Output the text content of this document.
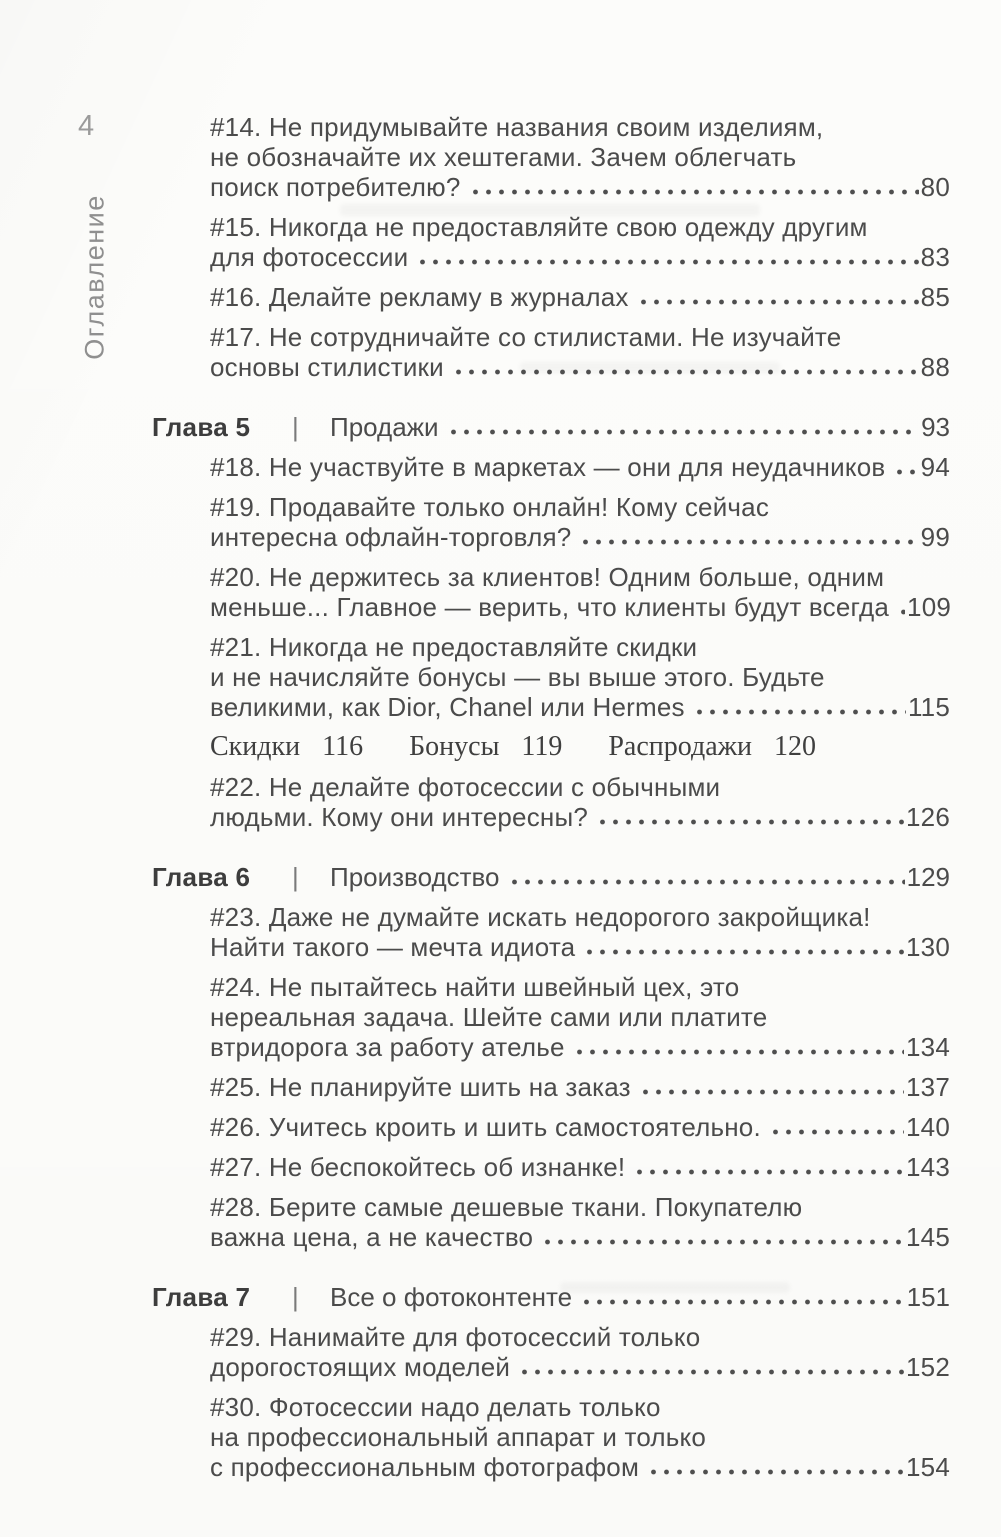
4
Оглавление
#14. Не придумывайте названия своим изделиям,
не обозначайте их хештегами. Зачем облегчать
поиск потребителю?	80
#15. Никогда не предоставляйте свою одежду другим
для фотосессии	83
#16. Делайте рекламу в журналах	85
#17. Не сотрудничайте со стилистами. Не изучайте
основы стилистики	88
Глава 5	|	Продажи	93
#18. Не участвуйте в маркетах — они для неудачников 94
#19. Продавайте только онлайн! Кому сейчас
интересна офлайн-торговля?	99
#20. Не держитесь за клиентов! Одним больше, одним
меньше... Главное — верить, что клиенты будут всегда 109
#21. Никогда не предоставляйте скидки
и не начисляйте бонусы — вы выше этого. Будьте
великими, как Dior, Chanel или Hermes	115
Скидки 116 Бонусы 119 Распродажи 120
#22. Не делайте фотосессии с обычными
людьми. Кому они интересны?	126
Глава 6	|	Производство	129
#23. Даже не думайте искать недорогого закройщика!
Найти такого — мечта идиота	130
#24. Не пытайтесь найти швейный цех, это
нереальная задача. Шейте сами или платите
втридорога за работу ателье	134
#25. Не планируйте шить на заказ	137
#26. Учитесь кроить и шить самостоятельно.	140
#27. Не беспокойтесь об изнанке!	143
#28. Берите самые дешевые ткани. Покупателю
важна цена, а не качество	145
Глава 7	|	Все о фотоконтенте	151
#29. Нанимайте для фотосессий только
дорогостоящих моделей	152
#30. Фотосессии надо делать только
на профессиональный аппарат и только
с профессиональным фотографом	154
